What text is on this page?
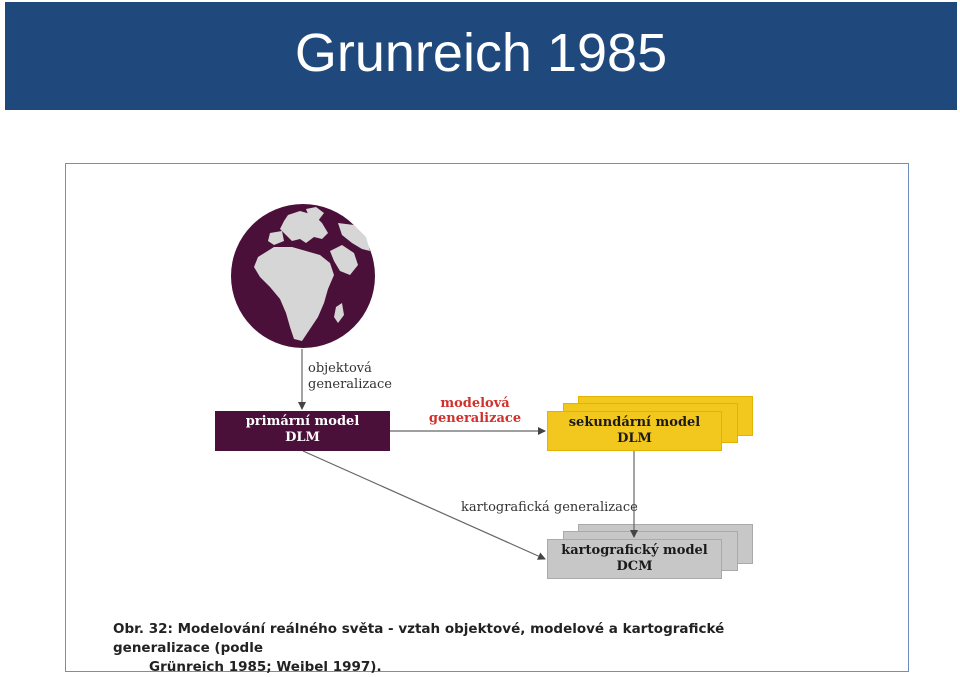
Grunreich 1985
objektová
generalizace
modelová
generalizace
kartografická generalizace
primární model
DLM
sekundární model
DLM
kartografický model
DCM
Obr. 32: Modelování reálného světa - vztah objektové, modelové a kartografické generalizace (podle
Grünreich 1985; Weibel 1997).
